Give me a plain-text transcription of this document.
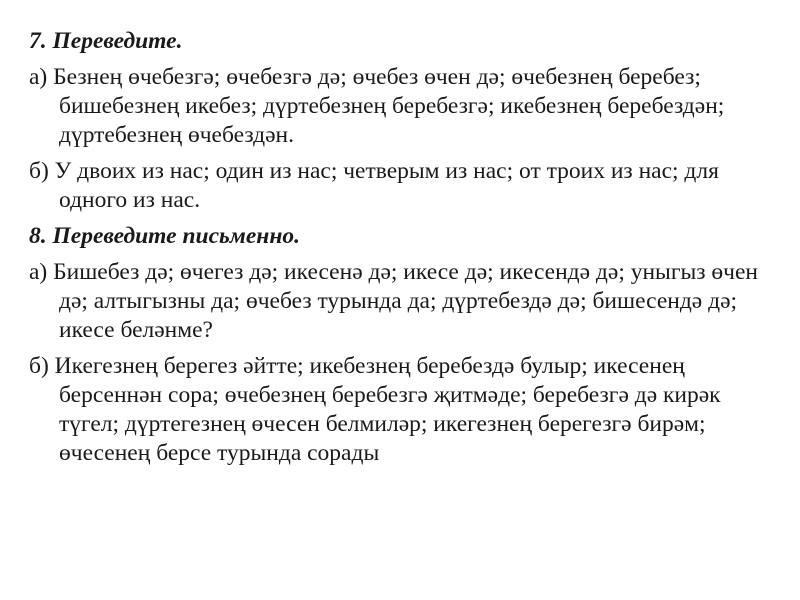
7. Переведите.
а) Безнең өчебезгә; өчебезгә дә; өчебез өчен дә; өчебезнең беребез; бишебезнең икебез; дүртебезнең беребезгә; икебезнең беребездән; дүртебезнең өчебездән.
б) У двоих из нас; один из нас; четверым из нас; от троих из нас; для одного из нас.
8. Переведите письменно.
а) Бишебез дә; өчегез дә; икесенә дә; икесе дә; икесендә дә; уныгыз өчен дә; алтыгызны да; өчебез турында да; дүртебездә дә; бишесендә дә; икесе беләнме?
б) Икегезнең берегез әйтте; икебезнең беребездә булыр; икесенең берсеннән сора; өчебезнең беребезгә җитмәде; беребезгә дә кирәк түгел; дүртегезнең өчесен белмиләр; икегезнең берегезгә бирәм; өчесенең берсе турында сорады
